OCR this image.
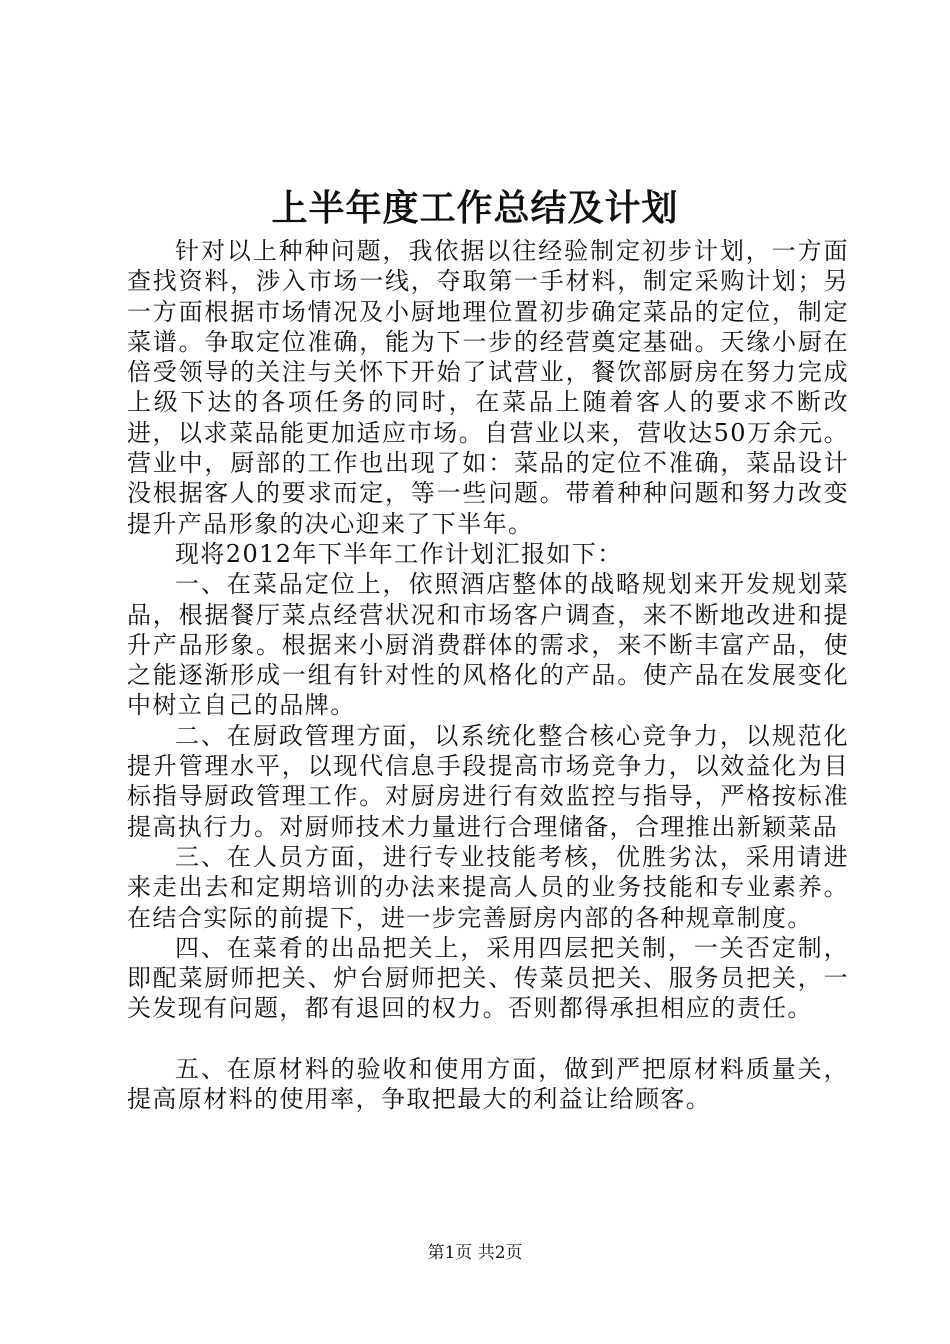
上半年度工作总结及计划

针对以上种种问题，我依据以往经验制定初步计划，一方面查找资料，涉入市场一线，夺取第一手材料，制定采购计划；另一方面根据市场情况及小厨地理位置初步确定菜品的定位，制定菜谱。争取定位准确，能为下一步的经营奠定基础。天缘小厨在倍受领导的关注与关怀下开始了试营业，餐饮部厨房在努力完成上级下达的各项任务的同时，在菜品上随着客人的要求不断改进，以求菜品能更加适应市场。自营业以来，营收达50万余元。营业中，厨部的工作也出现了如：菜品的定位不准确，菜品设计没根据客人的要求而定，等一些问题。带着种种问题和努力改变提升产品形象的决心迎来了下半年。

现将2012年下半年工作计划汇报如下：

一、在菜品定位上，依照酒店整体的战略规划来开发规划菜品，根据餐厅菜点经营状况和市场客户调查，来不断地改进和提升产品形象。根据来小厨消费群体的需求，来不断丰富产品，使之能逐渐形成一组有针对性的风格化的产品。使产品在发展变化中树立自己的品牌。

二、在厨政管理方面，以系统化整合核心竞争力，以规范化提升管理水平，以现代信息手段提高市场竞争力，以效益化为目标指导厨政管理工作。对厨房进行有效监控与指导，严格按标准提高执行力。对厨师技术力量进行合理储备，合理推出新颖菜品

三、在人员方面，进行专业技能考核，优胜劣汰，采用请进来走出去和定期培训的办法来提高人员的业务技能和专业素养。在结合实际的前提下，进一步完善厨房内部的各种规章制度。

四、在菜肴的出品把关上，采用四层把关制，一关否定制，即配菜厨师把关、炉台厨师把关、传菜员把关、服务员把关，一关发现有问题，都有退回的权力。否则都得承担相应的责任。

五、在原材料的验收和使用方面，做到严把原材料质量关，提高原材料的使用率，争取把最大的利益让给顾客。

第1页 共2页
